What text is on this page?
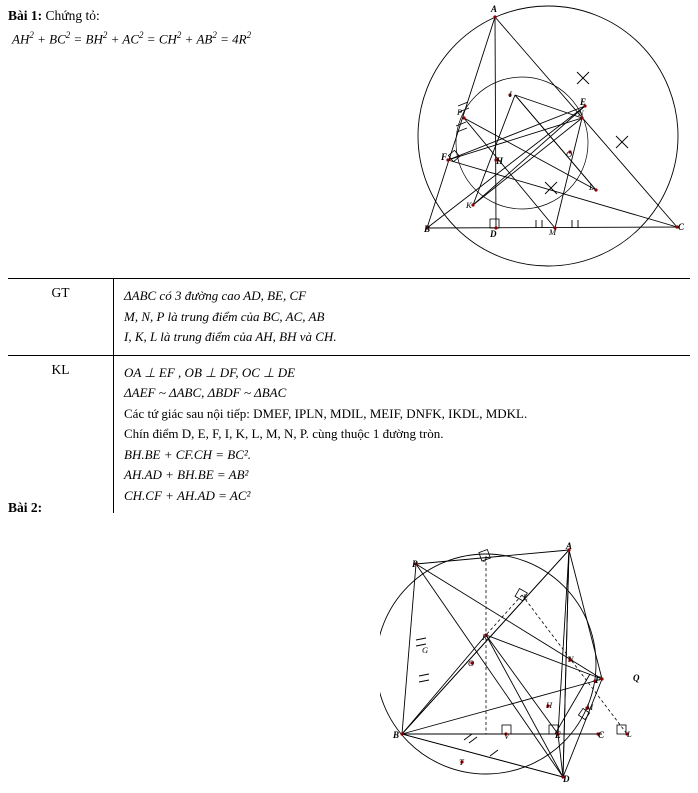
Bài 1: Chứng tỏ:
$AH^2 + BC^2 = BH^2 + AC^2 = CH^2 + AB^2 = 4R^2$
A
B	C
D
E
F	H
I
K
L
M
N
O
P
GT	ΔABC có 3 đường cao AD, BE, CF
M, N, P là trung điểm của BC, AC, AB
I, K, L là trung điểm của AH, BH và CH.
KL	OA ⊥ EF , OB ⊥ DF, OC ⊥ DE
ΔAEF ~ ΔABC, ΔBDF ~ ΔBAC
Các tứ giác sau nội tiếp: DMEF, IPLN, MDIL, MEIF, DNFK, IKDL, MDKL.
Chín điểm D, E, F, I, K, L, M, N, P. cùng thuộc 1 đường tròn.
BH.BE + CF.CH = BC².
AH.AD + BH.BE = AB²
CH.CF + AH.AD = AC²
Bài 2:
A
B	C
D
E
F
G
H
J
K
L
L
M
N
O
P
Q
T
V
